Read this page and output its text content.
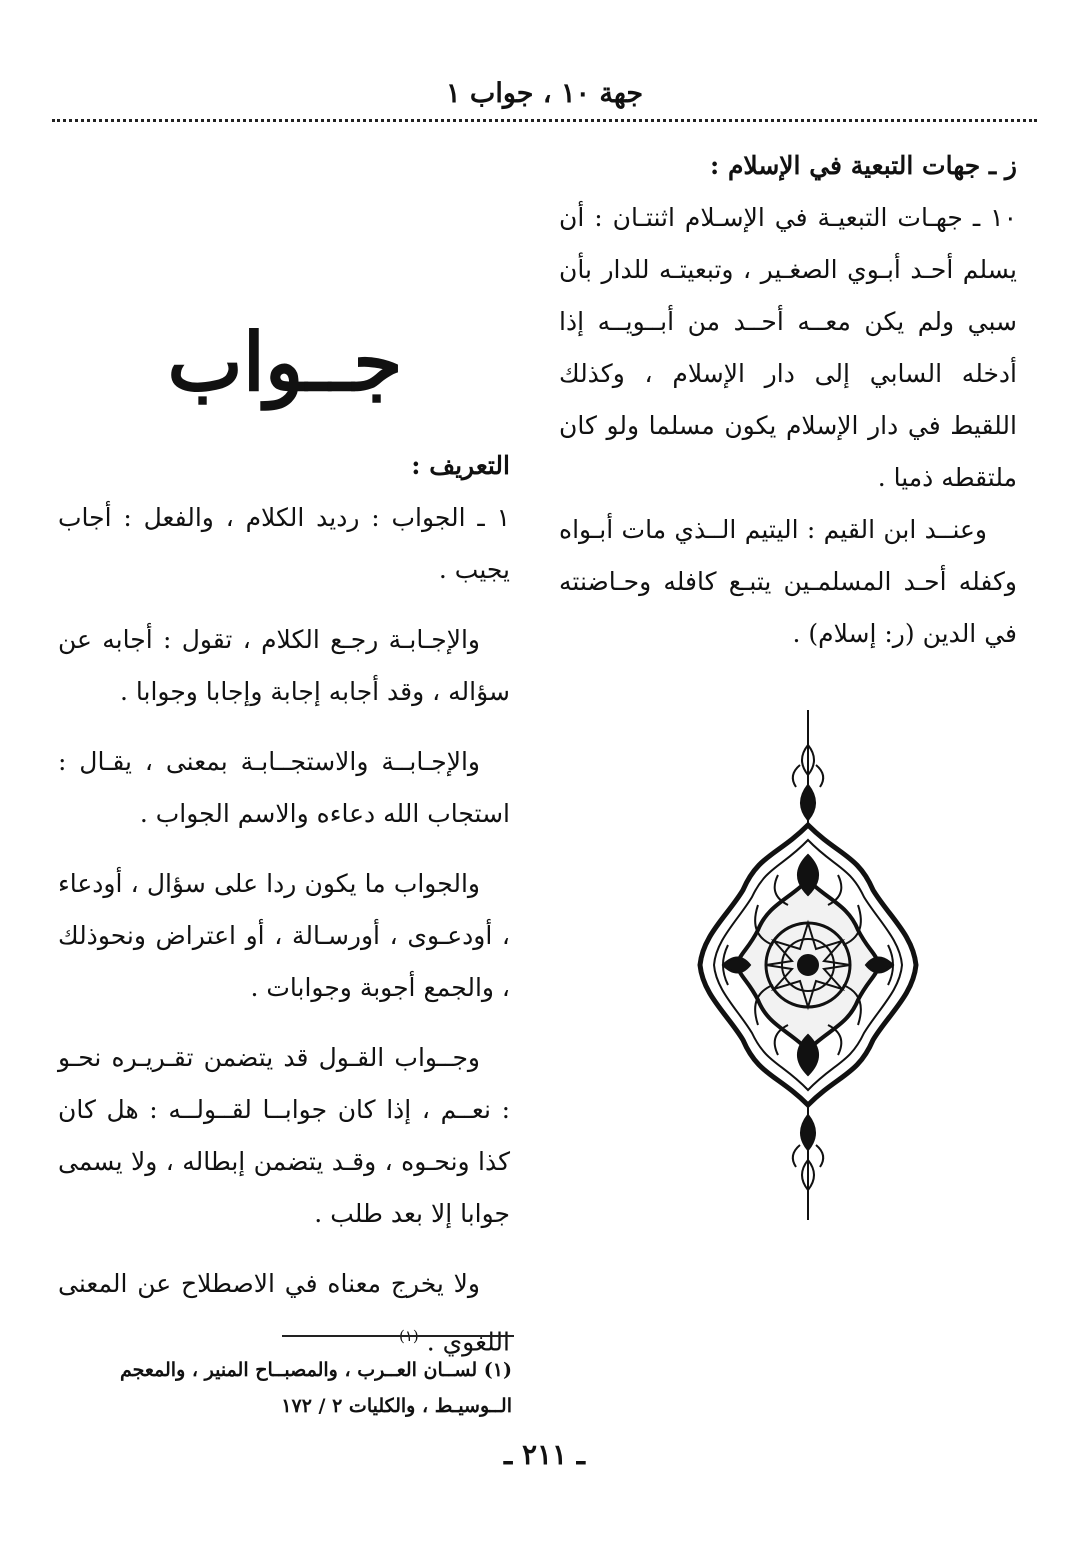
جهة ١٠ ، جواب ١

ز ـ جهات التبعية في الإسلام :

١٠ ـ جهـات التبعيـة في الإسـلام اثنتـان : أن يسلم أحـد أبـوي الصغـير ، وتبعيتـه للدار بأن سبي ولم يكن معــه أحــد من أبــويــه إذا أدخله السابي إلى دار الإسلام ، وكذلك اللقيط في دار الإسلام يكون مسلما ولو كان ملتقطه ذميا .

وعنــد ابن القيم : اليتيم الــذي مات أبـواه وكفله أحـد المسلمـين يتبـع كافله وحـاضنته في الدين (ر: إسلام) .

جــواب

التعريف :

١ ـ الجواب : رديد الكلام ، والفعل : أجاب يجيب .

والإجـابـة رجـع الكلام ، تقول : أجابه عن سؤاله ، وقد أجابه إجابة وإجابا وجوابا .

والإجـابــة والاستجــابـة بمعنى ، يقـال : استجاب الله دعاءه والاسم الجواب .

والجواب ما يكون ردا على سؤال ، أودعاء ، أودعـوى ، أورسـالة ، أو اعتراض ونحوذلك ، والجمع أجوبة وجوابات .

وجــواب القـول قد يتضمن تقـريـره نحـو : نعــم ، إذا كان جوابــا لقــولــه : هل كان كذا ونحـوه ، وقـد يتضمن إبطاله ، ولا يسمى جوابا إلا بعد طلب .

ولا يخرج معناه في الاصطلاح عن المعنى اللغوي . $^{(١)}$

(١) لســان العــرب ، والمصبــاح المنير ، والمعجم الــوسيـط ، والكليات ٢ / ١٧٢
ـ ٢١١ ـ
